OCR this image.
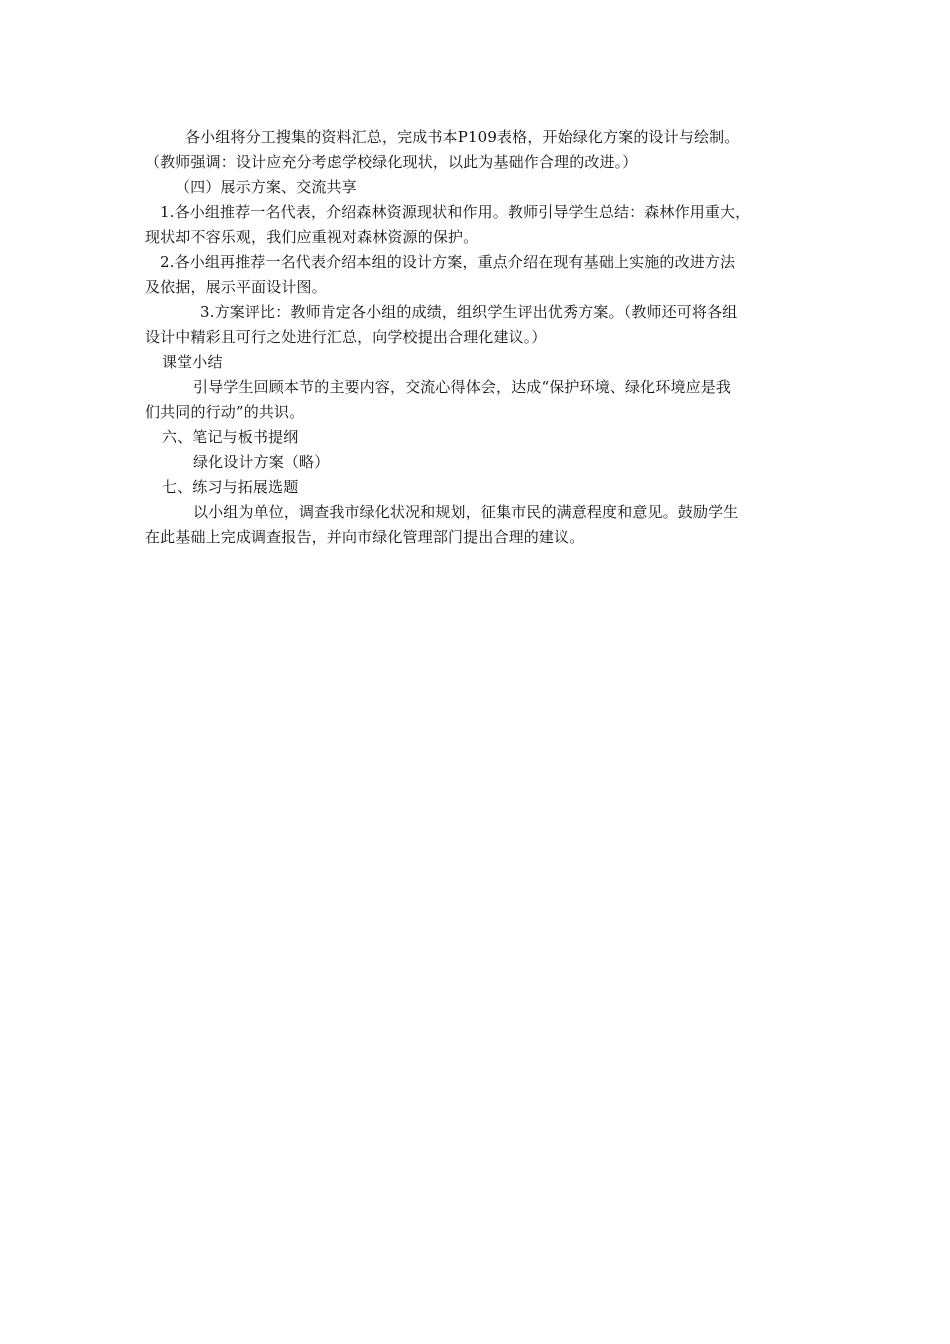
各小组将分工搜集的资料汇总，完成书本P109表格，开始绿化方案的设计与绘制。
（教师强调：设计应充分考虑学校绿化现状，以此为基础作合理的改进。）
（四）展示方案、交流共享
1.各小组推荐一名代表，介绍森林资源现状和作用。教师引导学生总结：森林作用重大，
现状却不容乐观，我们应重视对森林资源的保护。
2.各小组再推荐一名代表介绍本组的设计方案，重点介绍在现有基础上实施的改进方法
及依据，展示平面设计图。
3.方案评比：教师肯定各小组的成绩，组织学生评出优秀方案。（教师还可将各组
设计中精彩且可行之处进行汇总，向学校提出合理化建议。）
课堂小结
引导学生回顾本节的主要内容，交流心得体会，达成“保护环境、绿化环境应是我
们共同的行动”的共识。
六、笔记与板书提纲
绿化设计方案（略）
七、练习与拓展选题
以小组为单位，调查我市绿化状况和规划，征集市民的满意程度和意见。鼓励学生
在此基础上完成调查报告，并向市绿化管理部门提出合理的建议。
